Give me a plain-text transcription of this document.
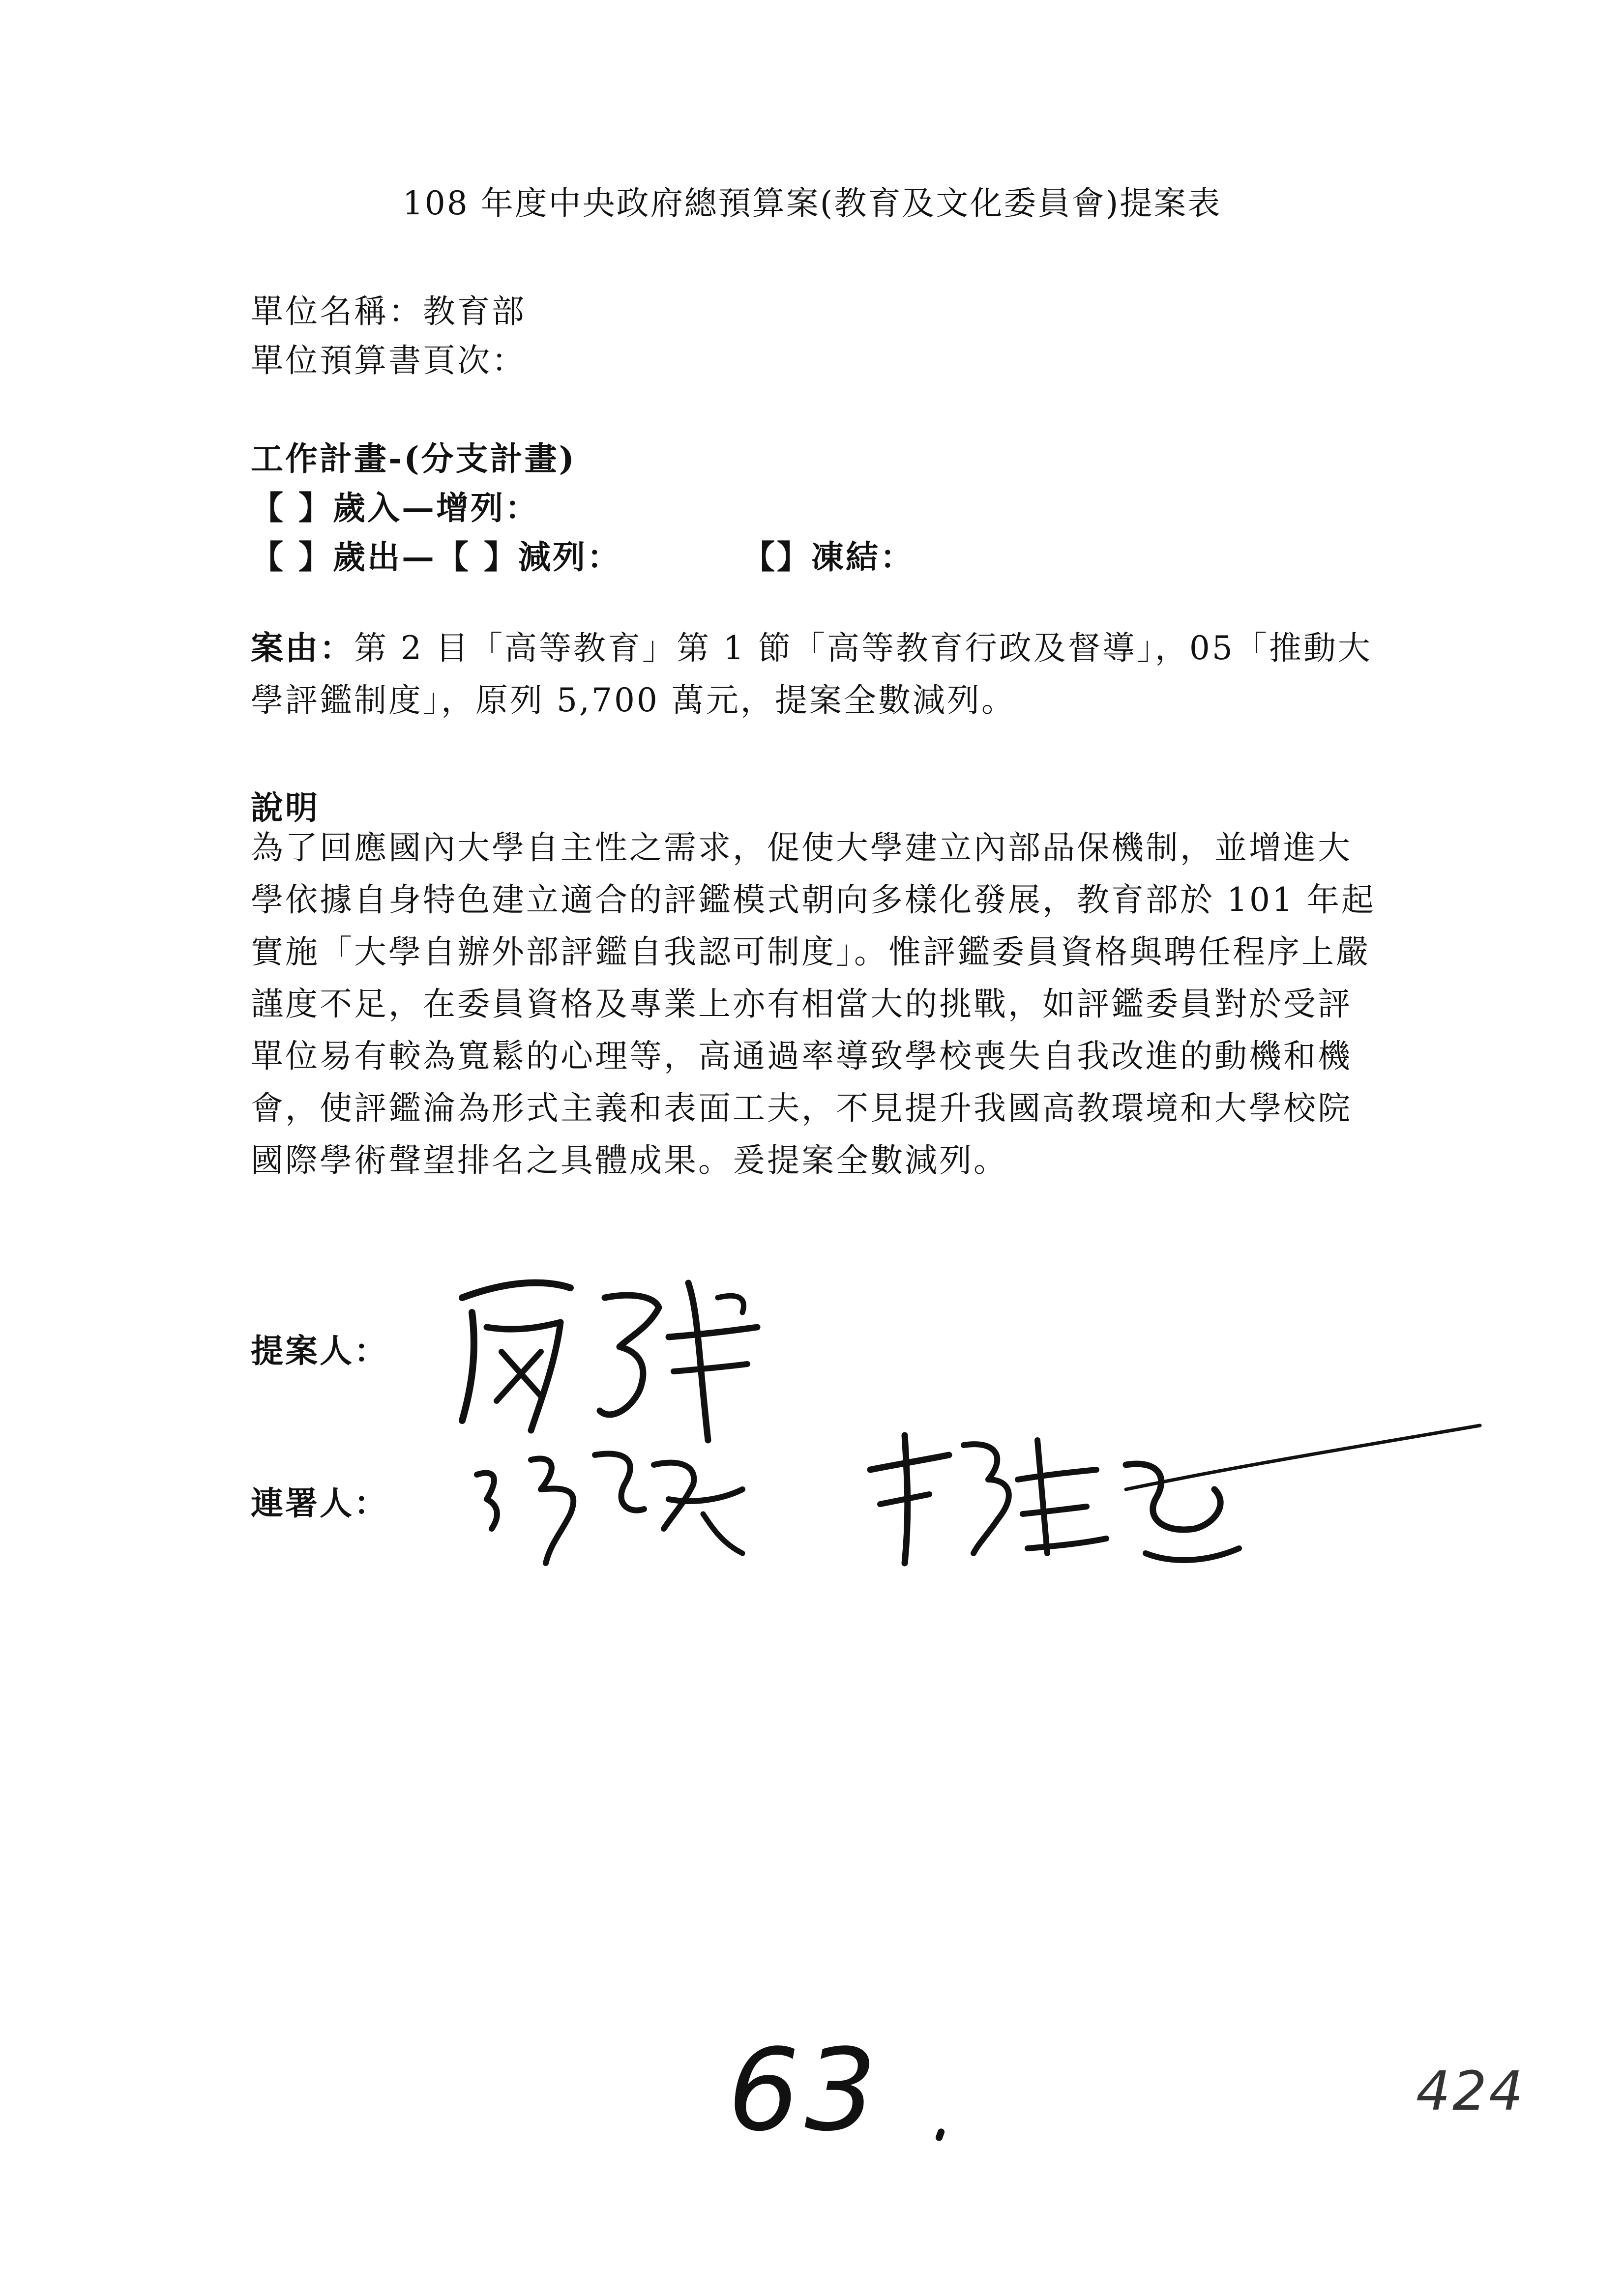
108 年度中央政府總預算案(教育及文化委員會)提案表
單位名稱：教育部
單位預算書頁次：
工作計畫-(分支計畫)
【 】歲入—增列：
【 】歲出—【 】減列：	【】凍結：
案由：第 2 目「高等教育」第 1 節「高等教育行政及督導」，05「推動大學評鑑制度」，原列 5,700 萬元，提案全數減列。
說明
為了回應國內大學自主性之需求，促使大學建立內部品保機制，並增進大學依據自身特色建立適合的評鑑模式朝向多樣化發展，教育部於 101 年起實施「大學自辦外部評鑑自我認可制度」。惟評鑑委員資格與聘任程序上嚴謹度不足，在委員資格及專業上亦有相當大的挑戰，如評鑑委員對於受評單位易有較為寬鬆的心理等，高通過率導致學校喪失自我改進的動機和機會，使評鑑淪為形式主義和表面工夫，不見提升我國高教環境和大學校院國際學術聲望排名之具體成果。爰提案全數減列。
提案人：
連署人：
63	424
